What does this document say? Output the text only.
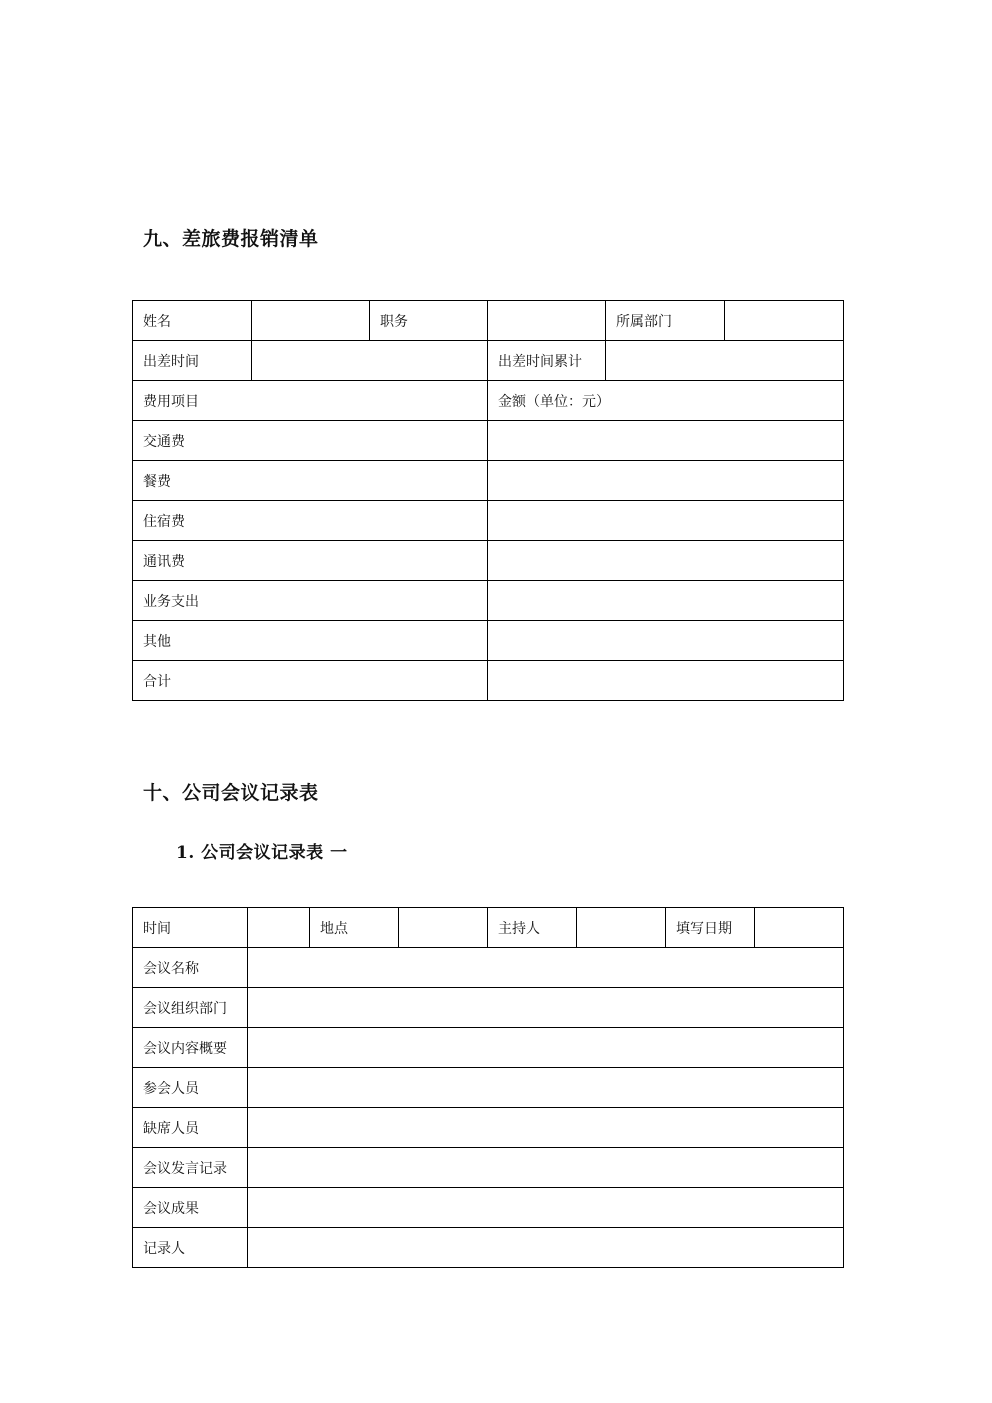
九、差旅费报销清单
姓名		职务		所属部门	
出差时间			出差时间累计		
费用项目			金额（单位：元）		
交通费					
餐费					
住宿费					
通讯费					
业务支出					
其他					
合计					
十、公司会议记录表
1. 公司会议记录表 一
时间		地点		主持人		填写日期	
会议名称							
会议组织部门							
会议内容概要							
参会人员							
缺席人员							
会议发言记录							
会议成果							
记录人							
